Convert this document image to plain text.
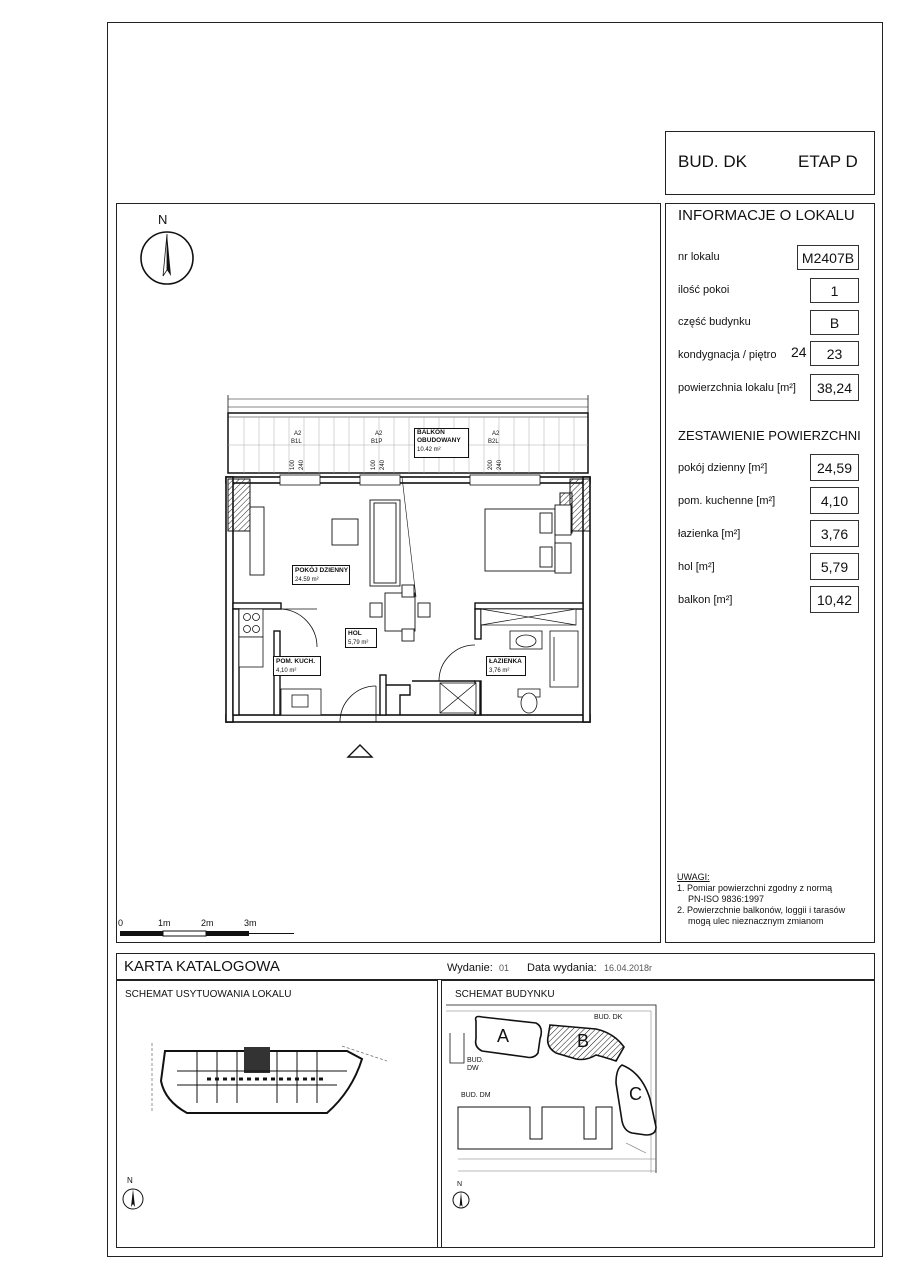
BUD. DK	ETAP D
INFORMACJE O LOKALU
nr lokalu	M2407B
ilość pokoi	1
część budynku	B
kondygnacja / piętro 24	23
powierzchnia lokalu [m²]	38,24
ZESTAWIENIE POWIERZCHNI
pokój dzienny [m²]	24,59
pom. kuchenne [m²]	4,10
łazienka [m²]	3,76
hol [m²]	5,79
balkon [m²]	10,42
UWAGI:
1. Pomiar powierzchni zgodny z normą
PN-ISO 9836:1997
2. Powierzchnie balkonów, loggii i tarasów
mogą ulec nieznacznym zmianom
N
BALKON
OBUDOWANY
10.42 m²
A2
B1L
A2
B1P
A2
B2L
100 240	100 240	200 240
POKÓJ DZIENNY
24.59 m²
HOL
5,79 m²
POM. KUCH.
4,10 m²
ŁAZIENKA
3,76 m²
0	1m	2m	3m
KARTA KATALOGOWA	Wydanie: 01 Data wydania: 16.04.2018r
SCHEMAT USYTUOWANIA LOKALU
N
SCHEMAT BUDYNKU
A	B
C
BUD. DK
BUD.
DW
BUD. DM
N
